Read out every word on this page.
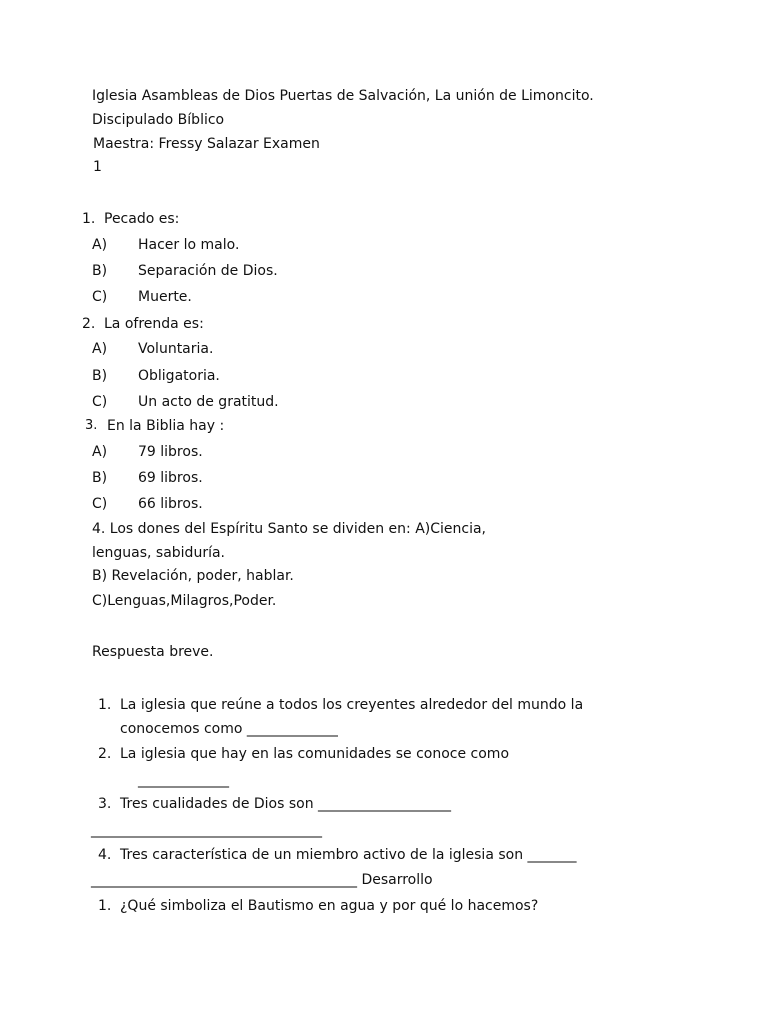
Iglesia Asambleas de Dios Puertas de Salvación, La unión de Limoncito.
Discipulado Bíblico
Maestra: Fressy Salazar Examen
1
1. Pecado es:
A) Hacer lo malo.
B) Separación de Dios.
C) Muerte.
2. La ofrenda es:
A) Voluntaria.
B) Obligatoria.
C) Un acto de gratitud.
3. En la Biblia hay :
A) 79 libros.
B) 69 libros.
C) 66 libros.
4. Los dones del Espíritu Santo se dividen en: A)Ciencia,
lenguas, sabiduría.
B) Revelación, poder, hablar.
C)Lenguas,Milagros,Poder.
Respuesta breve.
1. La iglesia que reúne a todos los creyentes alrededor del mundo la
conocemos como _____________
2. La iglesia que hay en las comunidades se conoce como
_____________
3. Tres cualidades de Dios son ___________________
_________________________________
4. Tres característica de un miembro activo de la iglesia son _______
______________________________________ Desarrollo
1. ¿Qué simboliza el Bautismo en agua y por qué lo hacemos?
